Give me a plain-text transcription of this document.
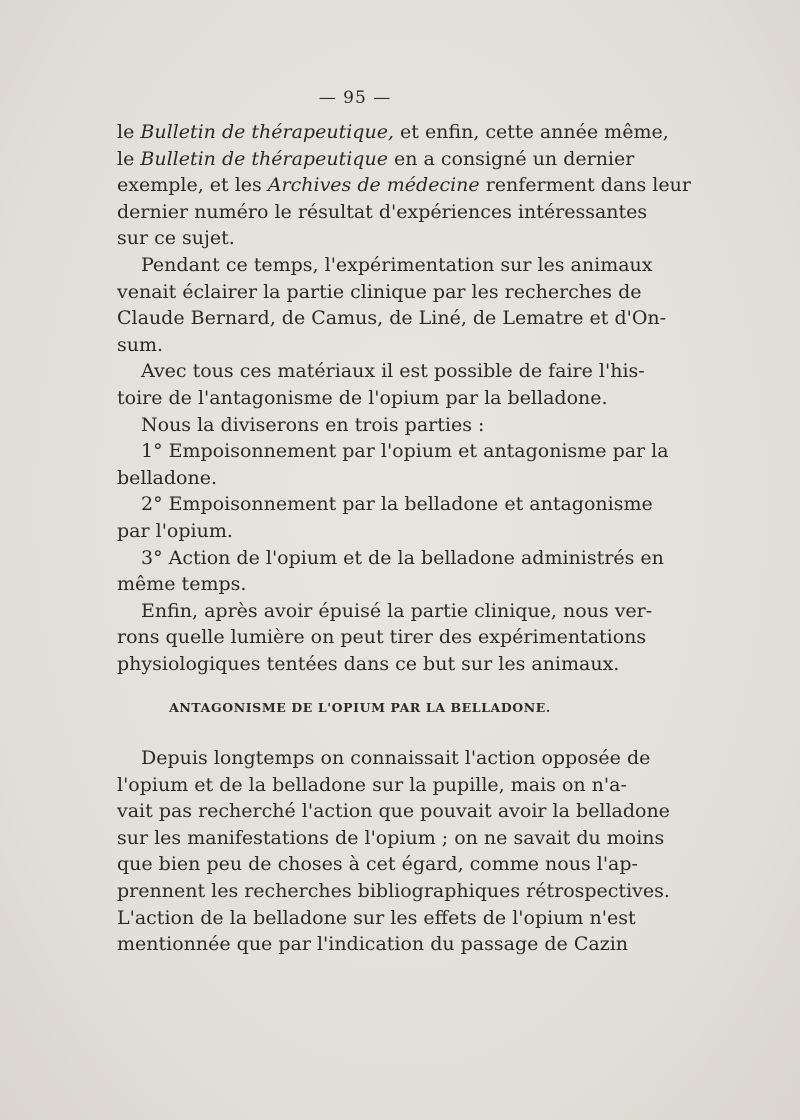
— 95 —
le Bulletin de thérapeutique, et enfin, cette année même,
le Bulletin de thérapeutique en a consigné un dernier
exemple, et les Archives de médecine renferment dans leur
dernier numéro le résultat d'expériences intéressantes
sur ce sujet.
Pendant ce temps, l'expérimentation sur les animaux
venait éclairer la partie clinique par les recherches de
Claude Bernard, de Camus, de Liné, de Lematre et d'On-
sum.
Avec tous ces matériaux il est possible de faire l'his-
toire de l'antagonisme de l'opium par la belladone.
Nous la diviserons en trois parties :
1° Empoisonnement par l'opium et antagonisme par la
belladone.
2° Empoisonnement par la belladone et antagonisme
par l'opium.
3° Action de l'opium et de la belladone administrés en
même temps.
Enfin, après avoir épuisé la partie clinique, nous ver-
rons quelle lumière on peut tirer des expérimentations
physiologiques tentées dans ce but sur les animaux.
ANTAGONISME DE L'OPIUM PAR LA BELLADONE.
Depuis longtemps on connaissait l'action opposée de
l'opium et de la belladone sur la pupille, mais on n'a-
vait pas recherché l'action que pouvait avoir la belladone
sur les manifestations de l'opium ; on ne savait du moins
que bien peu de choses à cet égard, comme nous l'ap-
prennent les recherches bibliographiques rétrospectives.
L'action de la belladone sur les effets de l'opium n'est
mentionnée que par l'indication du passage de Cazin
